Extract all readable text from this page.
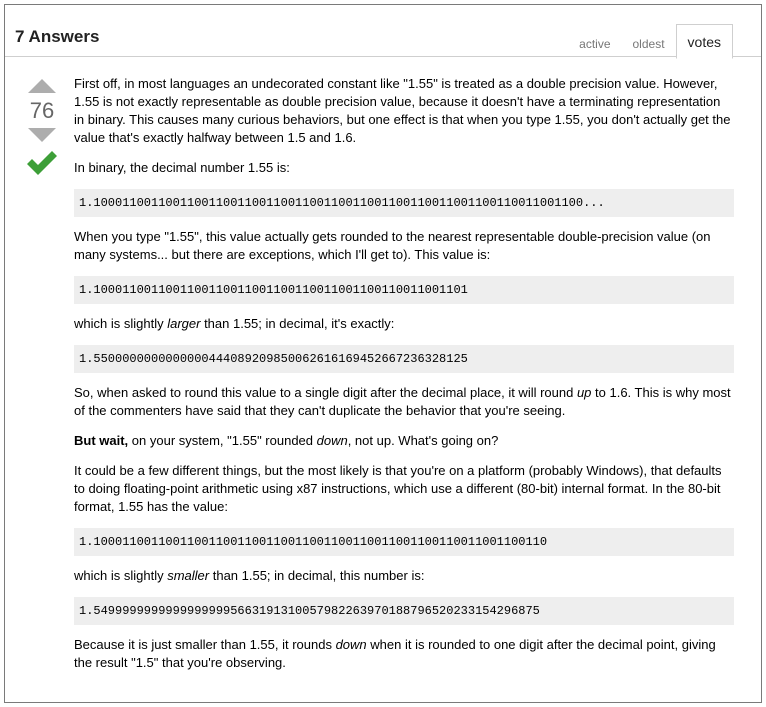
7 Answers	active	oldest	votes
76

First off, in most languages an undecorated constant like "1.55" is treated as a double precision value. However, 1.55 is not exactly representable as double precision value, because it doesn't have a terminating representation in binary. This causes many curious behaviors, but one effect is that when you type 1.55, you don't actually get the value that's exactly halfway between 1.5 and 1.6.

In binary, the decimal number 1.55 is:

1.10001100110011001100110011001100110011001100110011001100110011001100...

When you type "1.55", this value actually gets rounded to the nearest representable double-precision value (on many systems... but there are exceptions, which I'll get to). This value is:

1.1000110011001100110011001100110011001100110011001101

which is slightly larger than 1.55; in decimal, it's exactly:

1.5500000000000000444089209850062616169452667236328125

So, when asked to round this value to a single digit after the decimal place, it will round up to 1.6. This is why most of the commenters have said that they can't duplicate the behavior that you're seeing.

But wait, on your system, "1.55" rounded down, not up. What's going on?

It could be a few different things, but the most likely is that you're on a platform (probably Windows), that defaults to doing floating-point arithmetic using x87 instructions, which use a different (80-bit) internal format. In the 80-bit format, 1.55 has the value:

1.100011001100110011001100110011001100110011001100110011001100110

which is slightly smaller than 1.55; in decimal, this number is:

1.54999999999999999995663191310057982263970188796520233154296875

Because it is just smaller than 1.55, it rounds down when it is rounded to one digit after the decimal point, giving the result "1.5" that you're observing.
